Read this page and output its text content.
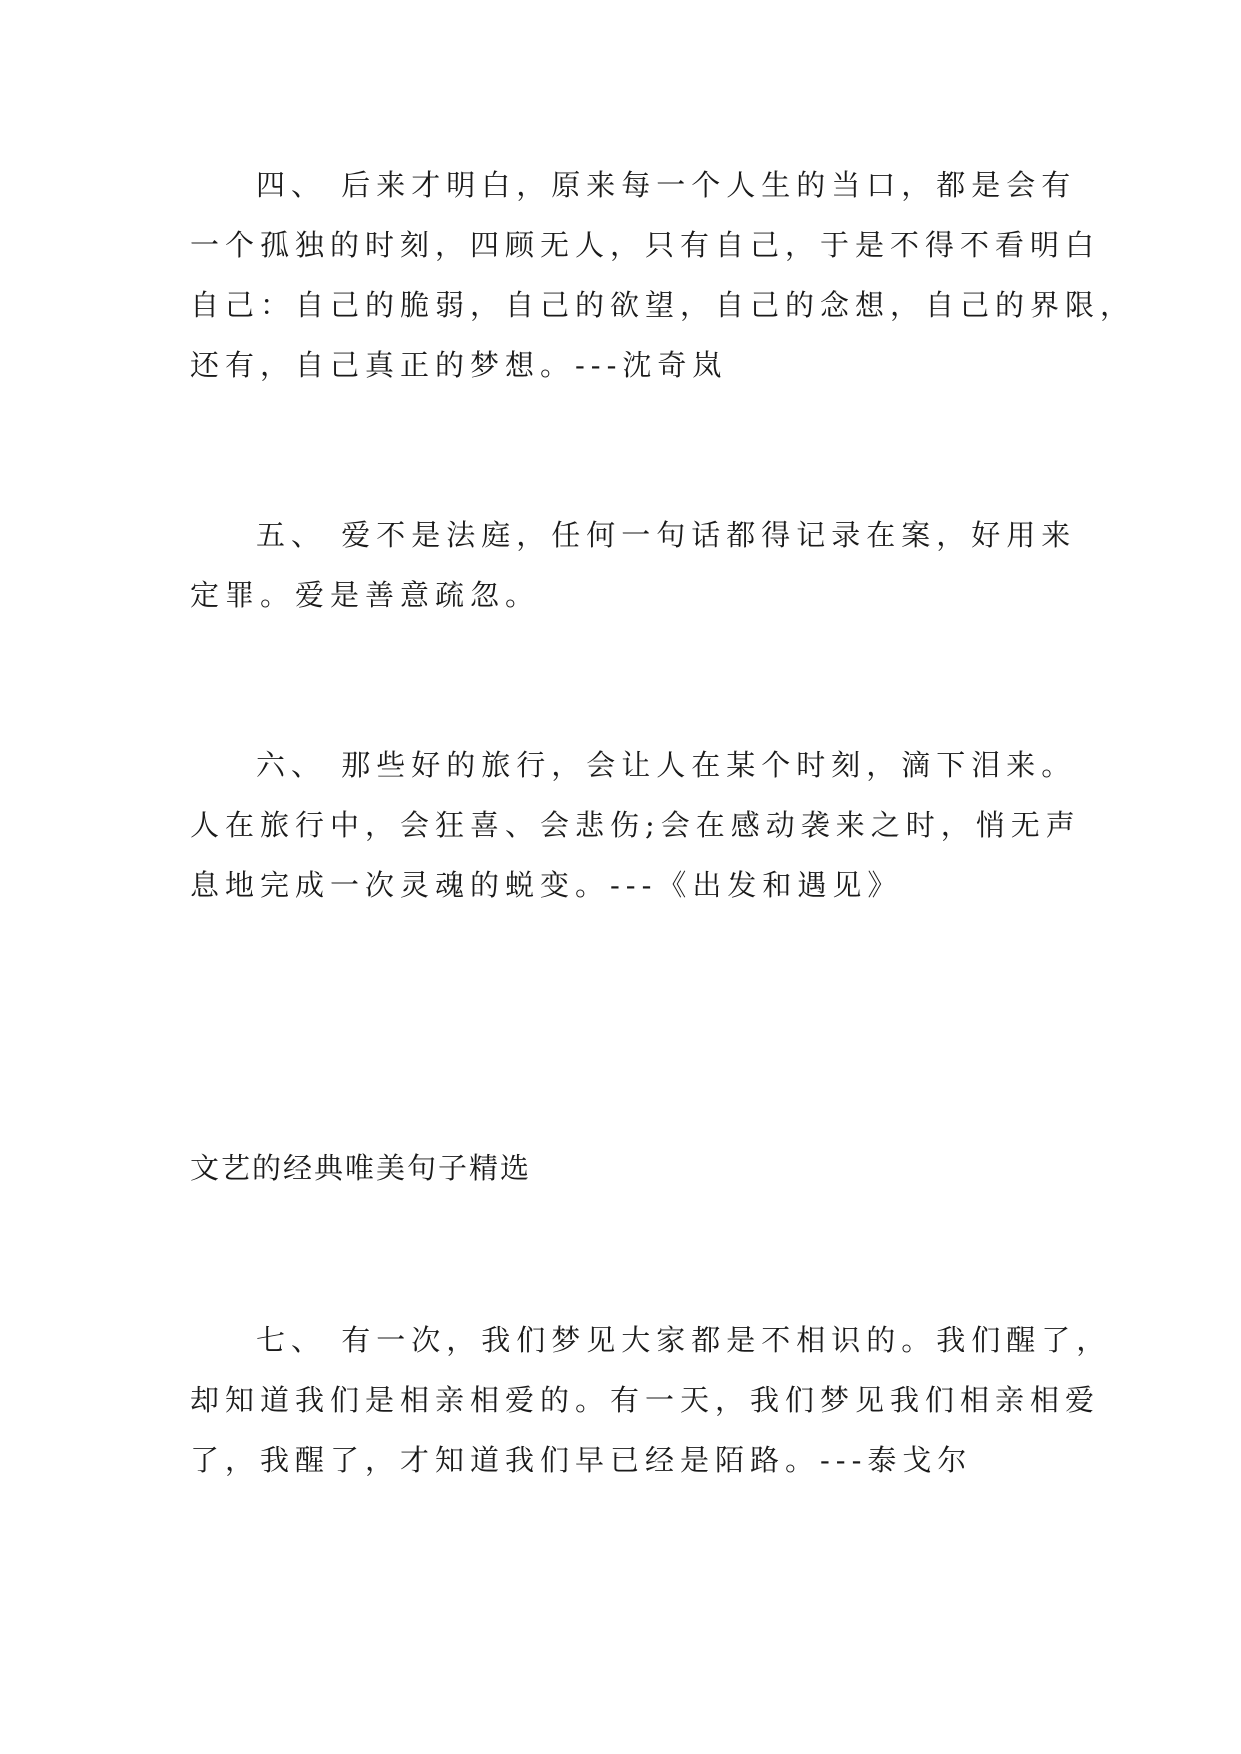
四、 后来才明白，原来每一个人生的当口，都是会有
一个孤独的时刻，四顾无人，只有自己，于是不得不看明白
自己：自己的脆弱，自己的欲望，自己的念想，自己的界限，
还有，自己真正的梦想。---沈奇岚
五、 爱不是法庭，任何一句话都得记录在案，好用来
定罪。爱是善意疏忽。
六、 那些好的旅行，会让人在某个时刻，滴下泪来。
人在旅行中，会狂喜、会悲伤;会在感动袭来之时，悄无声
息地完成一次灵魂的蜕变。---《出发和遇见》
文艺的经典唯美句子精选
七、 有一次，我们梦见大家都是不相识的。我们醒了，
却知道我们是相亲相爱的。有一天，我们梦见我们相亲相爱
了，我醒了，才知道我们早已经是陌路。---泰戈尔
